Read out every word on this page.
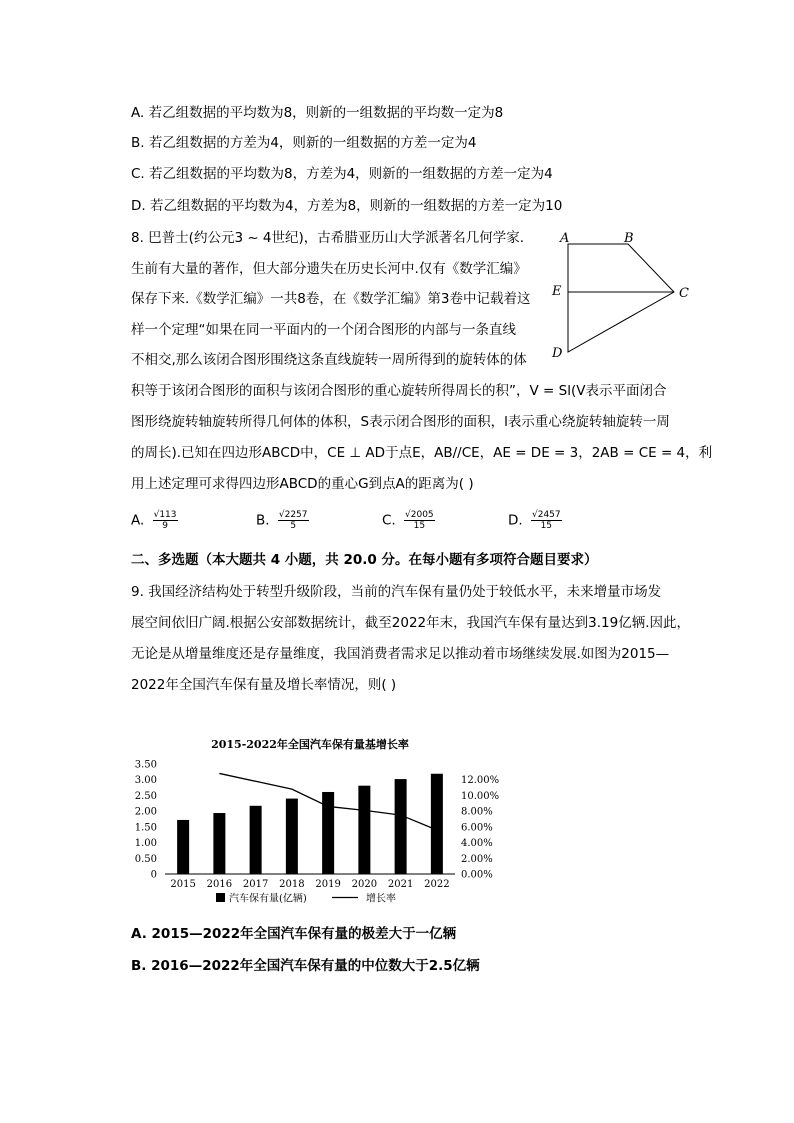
A. 若乙组数据的平均数为8，则新的一组数据的平均数一定为8
B. 若乙组数据的方差为4，则新的一组数据的方差一定为4
C. 若乙组数据的平均数为8，方差为4，则新的一组数据的方差一定为4
D. 若乙组数据的平均数为4，方差为8，则新的一组数据的方差一定为10
8. 巴普士(约公元3 ~ 4世纪)，古希腊亚历山大学派著名几何学家.
生前有大量的著作，但大部分遗失在历史长河中.仅有《数学汇编》
保存下来.《数学汇编》一共8卷，在《数学汇编》第3卷中记载着这
样一个定理“如果在同一平面内的一个闭合图形的内部与一条直线
不相交,那么该闭合图形围绕这条直线旋转一周所得到的旋转体的体
积等于该闭合图形的面积与该闭合图形的重心旋转所得周长的积”，V = Sl(V表示平面闭合
图形绕旋转轴旋转所得几何体的体积，S表示闭合图形的面积，l表示重心绕旋转轴旋转一周
的周长).已知在四边形ABCD中，CE ⊥ AD于点E，AB//CE，AE = DE = 3，2AB = CE = 4，利
用上述定理可求得四边形ABCD的重心G到点A的距离为( )
A	B
E	C
D
A. $\frac{√113}{9}$	B. $\frac{√2257}{5}$	C. $\frac{√2005}{15}$	D. $\frac{√2457}{15}$
二、多选题（本大题共 4 小题，共 20.0 分。在每小题有多项符合题目要求）
9. 我国经济结构处于转型升级阶段，当前的汽车保有量仍处于较低水平，未来增量市场发
展空间依旧广阔.根据公安部数据统计，截至2022年末，我国汽车保有量达到3.19亿辆.因此，
无论是从增量维度还是存量维度，我国消费者需求足以推动着市场继续发展.如图为2015—
2022年全国汽车保有量及增长率情况，则( )
2015-2022年全国汽车保有量基增长率
0
0.50
1.00
1.50
2.00
2.50
3.00
3.50
0.00%
2.00%
4.00%
6.00%
8.00%
10.00%
12.00%
2015 2016 2017 2018 2019 2020 2021 2022
汽车保有量(亿辆)	增长率
A. 2015—2022年全国汽车保有量的极差大于一亿辆
B. 2016—2022年全国汽车保有量的中位数大于2.5亿辆
